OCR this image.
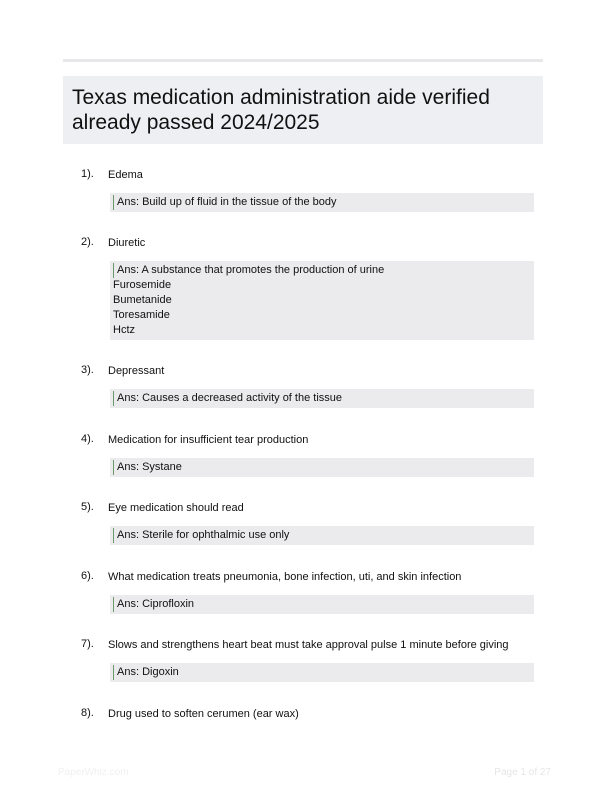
Texas medication administration aide verified already passed 2024/2025
1). Edema
Ans: Build up of fluid in the tissue of the body
2). Diuretic
Ans: A substance that promotes the production of urine
Furosemide
Bumetanide
Toresamide
Hctz
3). Depressant
Ans: Causes a decreased activity of the tissue
4). Medication for insufficient tear production
Ans: Systane
5). Eye medication should read
Ans: Sterile for ophthalmic use only
6). What medication treats pneumonia, bone infection, uti, and skin infection
Ans: Ciprofloxin
7). Slows and strengthens heart beat must take approval pulse 1 minute before giving
Ans: Digoxin
8). Drug used to soften cerumen (ear wax)
PaperWhiz.com	Page 1 of 27
